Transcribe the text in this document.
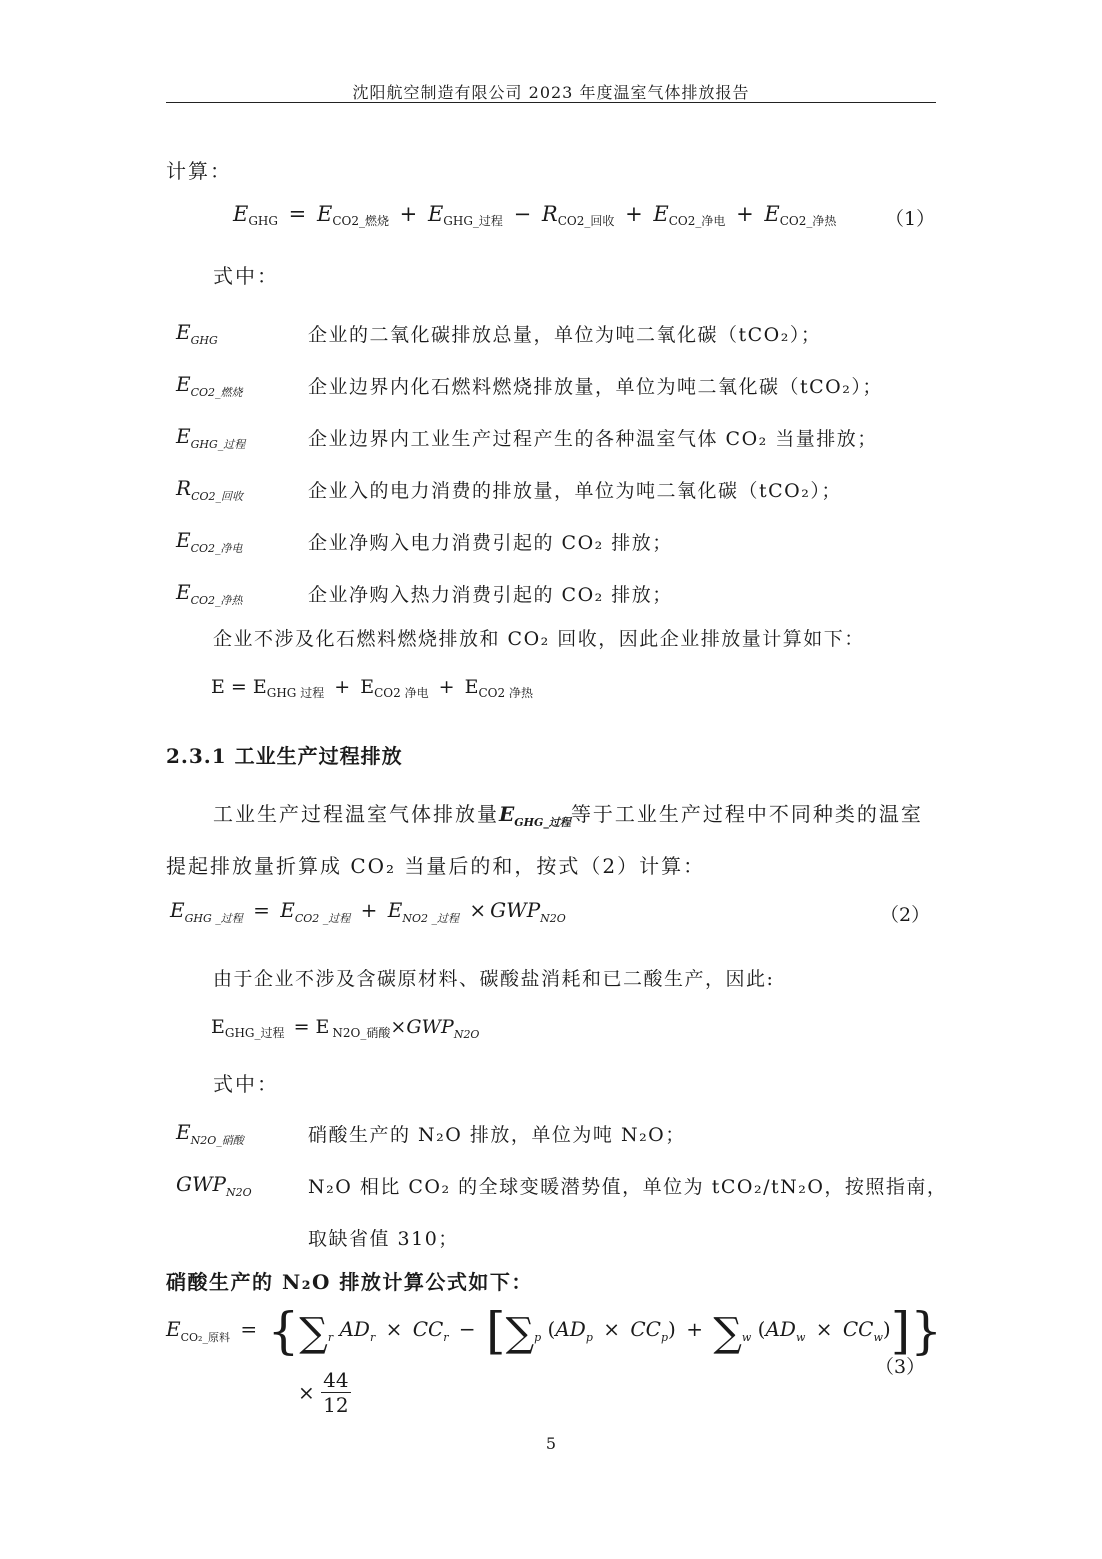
沈阳航空制造有限公司 2023 年度温室气体排放报告
计算：
$E_{GHG} = E_{CO2\_燃烧} + E_{GHG\_过程} - R_{CO2\_回收} + E_{CO2\_净电} + E_{CO2\_净热}$	（1）
式中：
$E_{GHG}$	企业的二氧化碳排放总量，单位为吨二氧化碳（tCO₂）；
$E_{CO2\_燃烧}$	企业边界内化石燃料燃烧排放量，单位为吨二氧化碳（tCO₂）；
$E_{GHG\_过程}$	企业边界内工业生产过程产生的各种温室气体 CO₂ 当量排放；
$R_{CO2\_回收}$	企业入的电力消费的排放量，单位为吨二氧化碳（tCO₂）；
$E_{CO2\_净电}$	企业净购入电力消费引起的 CO₂ 排放；
$E_{CO2\_净热}$	企业净购入热力消费引起的 CO₂ 排放；
企业不涉及化石燃料燃烧排放和 CO₂ 回收，因此企业排放量计算如下：
$E = E_{GHG 过程} + E_{CO2 净电} + E_{CO2 净热}$
2.3.1 工业生产过程排放
工业生产过程温室气体排放量$E_{GHG\_过程}$等于工业生产过程中不同种类的温室
提起排放量折算成 CO₂ 当量后的和，按式（2）计算：
$E_{GHG \_过程} = E_{CO2 \_过程} + E_{NO2 \_过程} \times GWP_{N2O}$	（2）
由于企业不涉及含碳原材料、碳酸盐消耗和已二酸生产，因此:
$E_{GHG\_过程} = E$ $_{N2O\_硝酸}\times GWP_{N2O}$
式中：
$E_{N2O\_硝酸}$	硝酸生产的 N₂O 排放，单位为吨 N₂O；
$GWP_{N2O}$	N₂O 相比 CO₂ 的全球变暖潜势值，单位为 tCO₂/tN₂O，按照指南，
取缺省值 310；
硝酸生产的 N₂O 排放计算公式如下：
$E_{CO_2\_原料} = \{\sum_r$ $AD_r \times CC_r - [\sum_p$ $(AD_p \times CC_p) + \sum_w$ $(AD_w \times CC_w)$]}
× $\frac{44}{12}$
（3）
5
